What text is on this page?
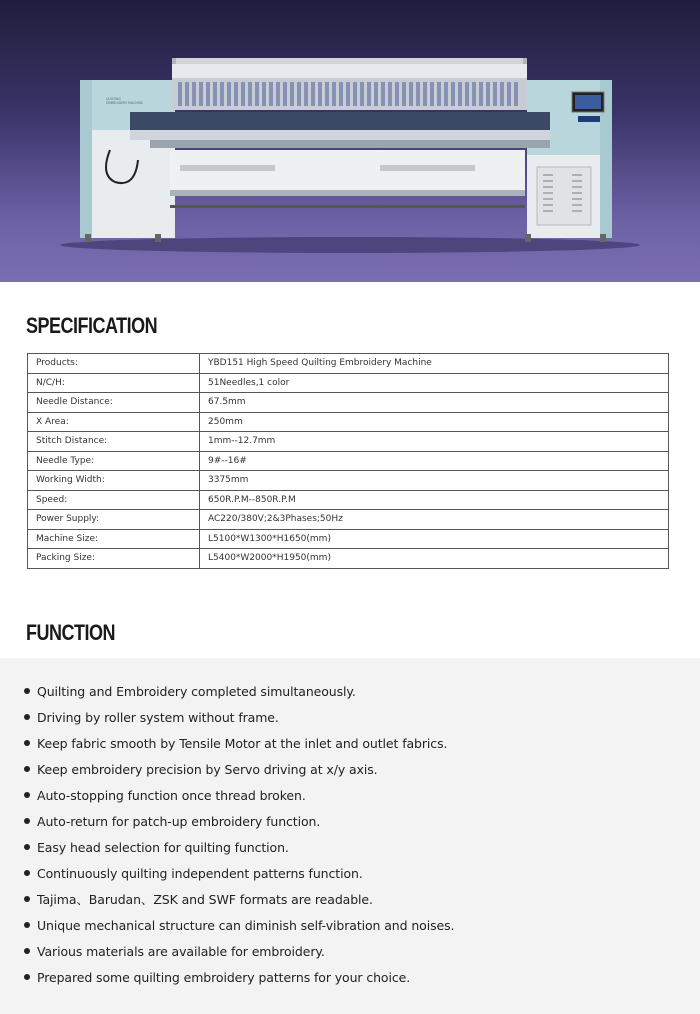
QUILTING
EMBROIDERY MACHINE
SPECIFICATION
Products:	YBD151 High Speed Quilting Embroidery Machine
N/C/H:	51Needles,1 color
Needle Distance:	67.5mm
X Area:	250mm
Stitch Distance:	1mm--12.7mm
Needle Type:	9#--16#
Working Width:	3375mm
Speed:	650R.P.M--850R.P.M
Power Supply:	AC220/380V;2&3Phases;50Hz
Machine Size:	L5100*W1300*H1650(mm)
Packing Size:	L5400*W2000*H1950(mm)
FUNCTION
Quilting and Embroidery completed simultaneously.
Driving by roller system without frame.
Keep fabric smooth by Tensile Motor at the inlet and outlet fabrics.
Keep embroidery precision by Servo driving at x/y axis.
Auto-stopping function once thread broken.
Auto-return for patch-up embroidery function.
Easy head selection for quilting function.
Continuously quilting independent patterns function.
Tajima、Barudan、ZSK and SWF formats are readable.
Unique mechanical structure can diminish self-vibration and noises.
Various materials are available for embroidery.
Prepared some quilting embroidery patterns for your choice.
